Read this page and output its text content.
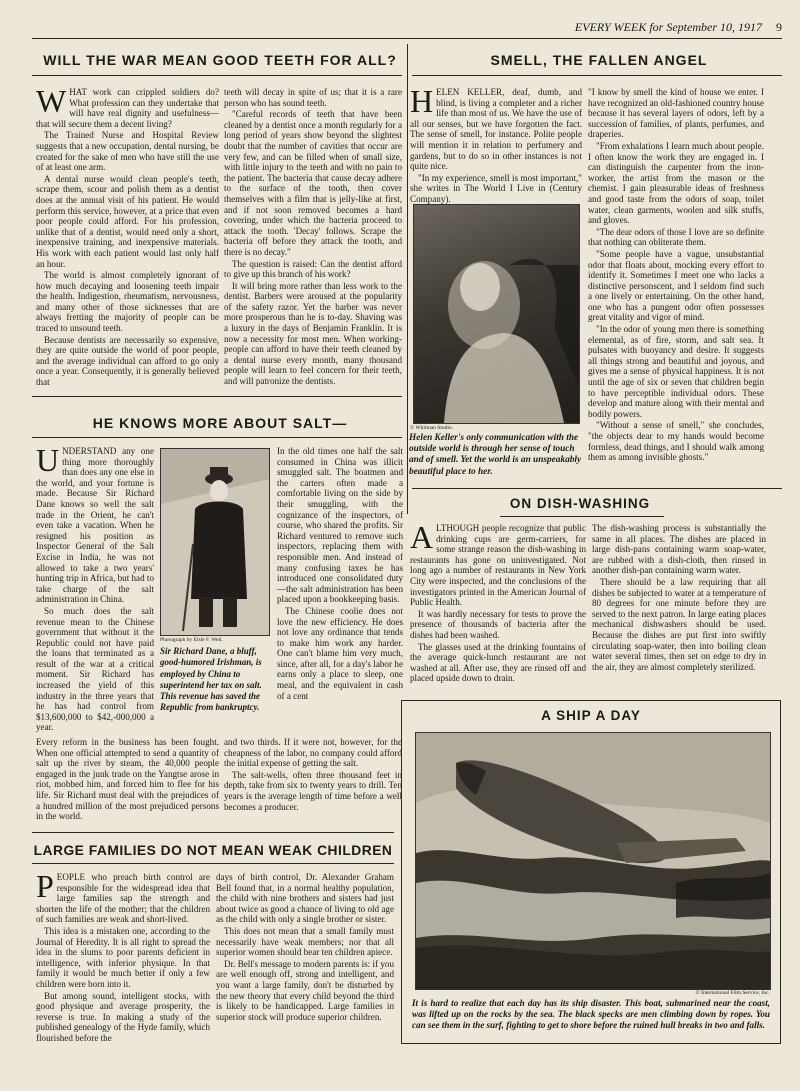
EVERY WEEK for September 10, 1917 9
WILL THE WAR MEAN GOOD TEETH FOR ALL?

WHAT work can crippled soldiers do? What profession can they undertake that will have real dignity and usefulness—that will secure them a decent living?

The Trained Nurse and Hospital Review suggests that a new occupation, dental nursing, be created for the sake of men who have still the use of at least one arm.

A dental nurse would clean people's teeth, scrape them, scour and polish them as a dentist does at the annual visit of his patient. He would perform this service, however, at a price that even poor people could afford. For his profession, unlike that of a dentist, would need only a short, inexpensive training, and inexpensive materials. His work with each patient would last only half an hour.

The world is almost completely ignorant of how much decaying and loosening teeth impair the health. Indigestion, rheumatism, nervousness, and many other of those sicknesses that are always fretting the majority of people can be traced to unsound teeth.

Because dentists are necessarily so expensive, they are quite outside the world of poor people, and the average individual can afford to go only once a year. Consequently, it is generally believed that

teeth will decay in spite of us; that it is a rare person who has sound teeth.

"Careful records of teeth that have been cleaned by a dentist once a month regularly for a long period of years show beyond the slightest doubt that the number of cavities that occur are very few, and can be filled when of small size, with little injury to the teeth and with no pain to the patient. The bacteria that cause decay adhere to the surface of the tooth, then cover themselves with a film that is jelly-like at first, and if not soon removed becomes a hard covering, under which the bacteria proceed to attack the tooth. 'Decay' follows. Scrape the bacteria off before they attack the tooth, and there is no decay."

The question is raised: Can the dentist afford to give up this branch of his work?

It will bring more rather than less work to the dentist. Barbers were aroused at the popularity of the safety razor. Yet the barber was never more prosperous than he is to-day. Shaving was a luxury in the days of Benjamin Franklin. It is now a necessity for most men. When working-people can afford to have their teeth cleaned by a dental nurse every month, many thousand people will learn to feel concern for their teeth, and will patronize the dentists.

SMELL, THE FALLEN ANGEL

HELEN KELLER, deaf, dumb, and blind, is living a completer and a richer life than most of us. We have the use of all our senses, but we have forgotten the fact. The sense of smell, for instance. Polite people will mention it in relation to perfumery and gardens, but to do so in other instances is not quite nice.

"In my experience, smell is most important," she writes in The World I Live in (Century Company).

© Whitman Studio.
Helen Keller's only communication with the outside world is through her sense of touch and of smell. Yet the world is an unspeakably beautiful place to her.

"I know by smell the kind of house we enter. I have recognized an old-fashioned country house because it has several layers of odors, left by a succession of families, of plants, perfumes, and draperies.

"From exhalations I learn much about people. I often know the work they are engaged in. I can distinguish the carpenter from the iron-worker, the artist from the mason or the chemist. I gain pleasurable ideas of freshness and good taste from the odors of soap, toilet water, clean garments, woolen and silk stuffs, and gloves.

"The dear odors of those I love are so definite that nothing can obliterate them.

"Some people have a vague, unsubstantial odor that floats about, mocking every effort to identify it. Sometimes I meet one who lacks a distinctive personscent, and I seldom find such a one lively or entertaining. On the other hand, one who has a pungent odor often possesses great vitality and vigor of mind.

"In the odor of young men there is something elemental, as of fire, storm, and salt sea. It pulsates with buoyancy and desire. It suggests all things strong and beautiful and joyous, and gives me a sense of physical happiness. It is not until the age of six or seven that children begin to have perceptible individual odors. These develop and mature along with their mental and bodily powers.

"Without a sense of smell," she concludes, "the objects dear to my hands would become formless, dead things, and I should walk among them as among invisible ghosts."

HE KNOWS MORE ABOUT SALT—

UNDERSTAND any one thing more thoroughly than does any one else in the world, and your fortune is made. Because Sir Richard Dane knows so well the salt trade in the Orient, he can't even take a vacation. When he resigned his position as Inspector General of the Salt Excise in India, he was not allowed to take a two years' hunting trip in Africa, but had to take charge of the salt administration in China.

So much does the salt revenue mean to the Chinese government that without it the Republic could not have paid the loans that terminated as a result of the war at a critical moment. Sir Richard has increased the yield of this industry in the three years that he has had control from $13,600,000 to $42,-000,000 a year.

Photograph by Elsie F. Weil.
Sir Richard Dane, a bluff, good-humored Irishman, is employed by China to superintend her tax on salt. This revenue has saved the Republic from bankruptcy.

In the old times one half the salt consumed in China was illicit smuggled salt. The boatmen and the carters often made a comfortable living on the side by their smuggling, with the cognizance of the inspectors, of course, who shared the profits. Sir Richard ventured to remove such inspectors, replacing them with responsible men. And instead of many confusing taxes he has introduced one consolidated duty—the salt administration has been placed upon a bookkeeping basis.

The Chinese coolie does not love the new efficiency. He does not love any ordinance that tends to make him work any harder. One can't blame him very much, since, after all, for a day's labor he earns only a place to sleep, one meal, and the equivalent in cash of a cent

Every reform in the business has been fought. When one official attempted to send a quantity of salt up the river by steam, the 40,000 people engaged in the junk trade on the Yangtse arose in riot, mobbed him, and forced him to flee for his life. Sir Richard must deal with the prejudices of a hundred million of the most prejudiced persons in the world.

and two thirds. If it were not, however, for the cheapness of the labor, no company could afford the initial expense of getting the salt.

The salt-wells, often three thousand feet in depth, take from six to twenty years to drill. Ten years is the average length of time before a well becomes a producer.

ON DISH-WASHING

ALTHOUGH people recognize that public drinking cups are germ-carriers, for some strange reason the dish-washing in restaurants has gone on uninvestigated. Not long ago a number of restaurants in New York City were inspected, and the conclusions of the investigators printed in the American Journal of Public Health.

It was hardly necessary for tests to prove the presence of thousands of bacteria after the dishes had been washed.

The glasses used at the drinking fountains of the average quick-lunch restaurant are not washed at all. After use, they are rinsed off and placed upside down to drain.

The dish-washing process is substantially the same in all places. The dishes are placed in large dish-pans containing warm soap-water, are rubbed with a dish-cloth, then rinsed in another dish-pan containing warm water.

There should be a law requiring that all dishes be subjected to water at a temperature of 80 degrees for one minute before they are served to the next patron. In large eating places mechanical dishwashers should be used. Because the dishes are put first into swiftly circulating soap-water, then into boiling clean water several times, then set on edge to dry in the air, they are almost completely sterilized.

A SHIP A DAY
© International Film Service, Inc.
It is hard to realize that each day has its ship disaster. This boat, submarined near the coast, was lifted up on the rocks by the sea. The black specks are men climbing down by ropes. You can see them in the surf, fighting to get to shore before the ruined hull breaks in two and falls.
LARGE FAMILIES DO NOT MEAN WEAK CHILDREN

PEOPLE who preach birth control are responsible for the widespread idea that large families sap the strength and shorten the life of the mother; that the children of such families are weak and short-lived.

This idea is a mistaken one, according to the Journal of Heredity. It is all right to spread the idea in the slums to poor parents deficient in intelligence, with inferior physique. In that family it would be much better if only a few children were born into it.

But among sound, intelligent stocks, with good physique and average prosperity, the reverse is true. In making a study of the published genealogy of the Hyde family, which flourished before the

days of birth control, Dr. Alexander Graham Bell found that, in a normal healthy population, the child with nine brothers and sisters had just about twice as good a chance of living to old age as the child with only a single brother or sister.

This does not mean that a small family must necessarily have weak members; nor that all superior women should bear ten children apiece.

Dr. Bell's message to modern parents is: if you are well enough off, strong and intelligent, and you want a large family, don't be disturbed by the new theory that every child beyond the third is likely to be handicapped. Large families in superior stock will produce superior children.
